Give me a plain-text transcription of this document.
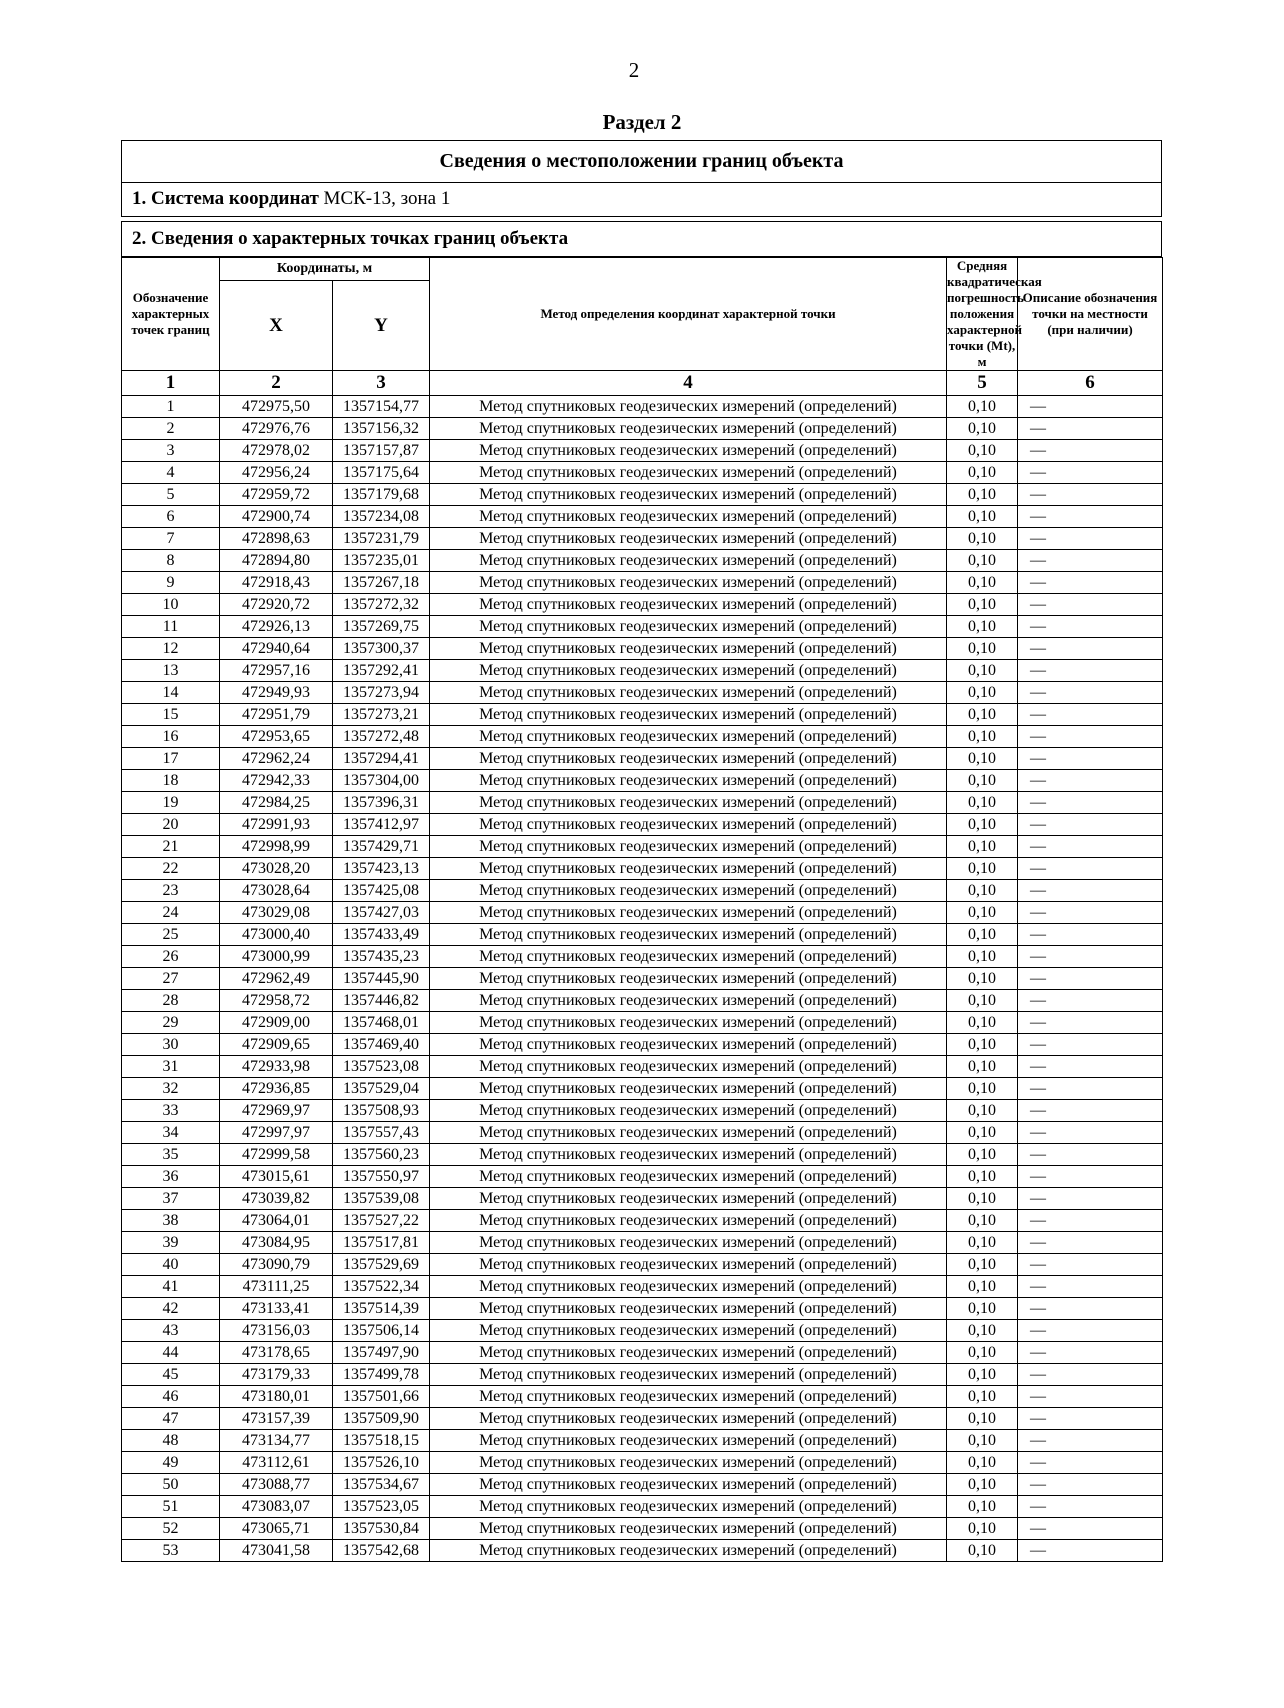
2
Раздел 2
Сведения о местоположении границ объекта
1. Система координат МСК-13, зона 1
2. Сведения о характерных точках границ объекта
Обозначение характерных точек границ	Координаты, м		Метод определения координат характерной точки	Средняя квадратическая погрешность положения характерной точки (Mt), м	Описание обозначения точки на местности (при наличии)
	X	Y			
1	2	3	4	5	6
1	472975,50	1357154,77	Метод спутниковых геодезических измерений (определений)	0,10	—
2	472976,76	1357156,32	Метод спутниковых геодезических измерений (определений)	0,10	—
3	472978,02	1357157,87	Метод спутниковых геодезических измерений (определений)	0,10	—
4	472956,24	1357175,64	Метод спутниковых геодезических измерений (определений)	0,10	—
5	472959,72	1357179,68	Метод спутниковых геодезических измерений (определений)	0,10	—
6	472900,74	1357234,08	Метод спутниковых геодезических измерений (определений)	0,10	—
7	472898,63	1357231,79	Метод спутниковых геодезических измерений (определений)	0,10	—
8	472894,80	1357235,01	Метод спутниковых геодезических измерений (определений)	0,10	—
9	472918,43	1357267,18	Метод спутниковых геодезических измерений (определений)	0,10	—
10	472920,72	1357272,32	Метод спутниковых геодезических измерений (определений)	0,10	—
11	472926,13	1357269,75	Метод спутниковых геодезических измерений (определений)	0,10	—
12	472940,64	1357300,37	Метод спутниковых геодезических измерений (определений)	0,10	—
13	472957,16	1357292,41	Метод спутниковых геодезических измерений (определений)	0,10	—
14	472949,93	1357273,94	Метод спутниковых геодезических измерений (определений)	0,10	—
15	472951,79	1357273,21	Метод спутниковых геодезических измерений (определений)	0,10	—
16	472953,65	1357272,48	Метод спутниковых геодезических измерений (определений)	0,10	—
17	472962,24	1357294,41	Метод спутниковых геодезических измерений (определений)	0,10	—
18	472942,33	1357304,00	Метод спутниковых геодезических измерений (определений)	0,10	—
19	472984,25	1357396,31	Метод спутниковых геодезических измерений (определений)	0,10	—
20	472991,93	1357412,97	Метод спутниковых геодезических измерений (определений)	0,10	—
21	472998,99	1357429,71	Метод спутниковых геодезических измерений (определений)	0,10	—
22	473028,20	1357423,13	Метод спутниковых геодезических измерений (определений)	0,10	—
23	473028,64	1357425,08	Метод спутниковых геодезических измерений (определений)	0,10	—
24	473029,08	1357427,03	Метод спутниковых геодезических измерений (определений)	0,10	—
25	473000,40	1357433,49	Метод спутниковых геодезических измерений (определений)	0,10	—
26	473000,99	1357435,23	Метод спутниковых геодезических измерений (определений)	0,10	—
27	472962,49	1357445,90	Метод спутниковых геодезических измерений (определений)	0,10	—
28	472958,72	1357446,82	Метод спутниковых геодезических измерений (определений)	0,10	—
29	472909,00	1357468,01	Метод спутниковых геодезических измерений (определений)	0,10	—
30	472909,65	1357469,40	Метод спутниковых геодезических измерений (определений)	0,10	—
31	472933,98	1357523,08	Метод спутниковых геодезических измерений (определений)	0,10	—
32	472936,85	1357529,04	Метод спутниковых геодезических измерений (определений)	0,10	—
33	472969,97	1357508,93	Метод спутниковых геодезических измерений (определений)	0,10	—
34	472997,97	1357557,43	Метод спутниковых геодезических измерений (определений)	0,10	—
35	472999,58	1357560,23	Метод спутниковых геодезических измерений (определений)	0,10	—
36	473015,61	1357550,97	Метод спутниковых геодезических измерений (определений)	0,10	—
37	473039,82	1357539,08	Метод спутниковых геодезических измерений (определений)	0,10	—
38	473064,01	1357527,22	Метод спутниковых геодезических измерений (определений)	0,10	—
39	473084,95	1357517,81	Метод спутниковых геодезических измерений (определений)	0,10	—
40	473090,79	1357529,69	Метод спутниковых геодезических измерений (определений)	0,10	—
41	473111,25	1357522,34	Метод спутниковых геодезических измерений (определений)	0,10	—
42	473133,41	1357514,39	Метод спутниковых геодезических измерений (определений)	0,10	—
43	473156,03	1357506,14	Метод спутниковых геодезических измерений (определений)	0,10	—
44	473178,65	1357497,90	Метод спутниковых геодезических измерений (определений)	0,10	—
45	473179,33	1357499,78	Метод спутниковых геодезических измерений (определений)	0,10	—
46	473180,01	1357501,66	Метод спутниковых геодезических измерений (определений)	0,10	—
47	473157,39	1357509,90	Метод спутниковых геодезических измерений (определений)	0,10	—
48	473134,77	1357518,15	Метод спутниковых геодезических измерений (определений)	0,10	—
49	473112,61	1357526,10	Метод спутниковых геодезических измерений (определений)	0,10	—
50	473088,77	1357534,67	Метод спутниковых геодезических измерений (определений)	0,10	—
51	473083,07	1357523,05	Метод спутниковых геодезических измерений (определений)	0,10	—
52	473065,71	1357530,84	Метод спутниковых геодезических измерений (определений)	0,10	—
53	473041,58	1357542,68	Метод спутниковых геодезических измерений (определений)	0,10	—
